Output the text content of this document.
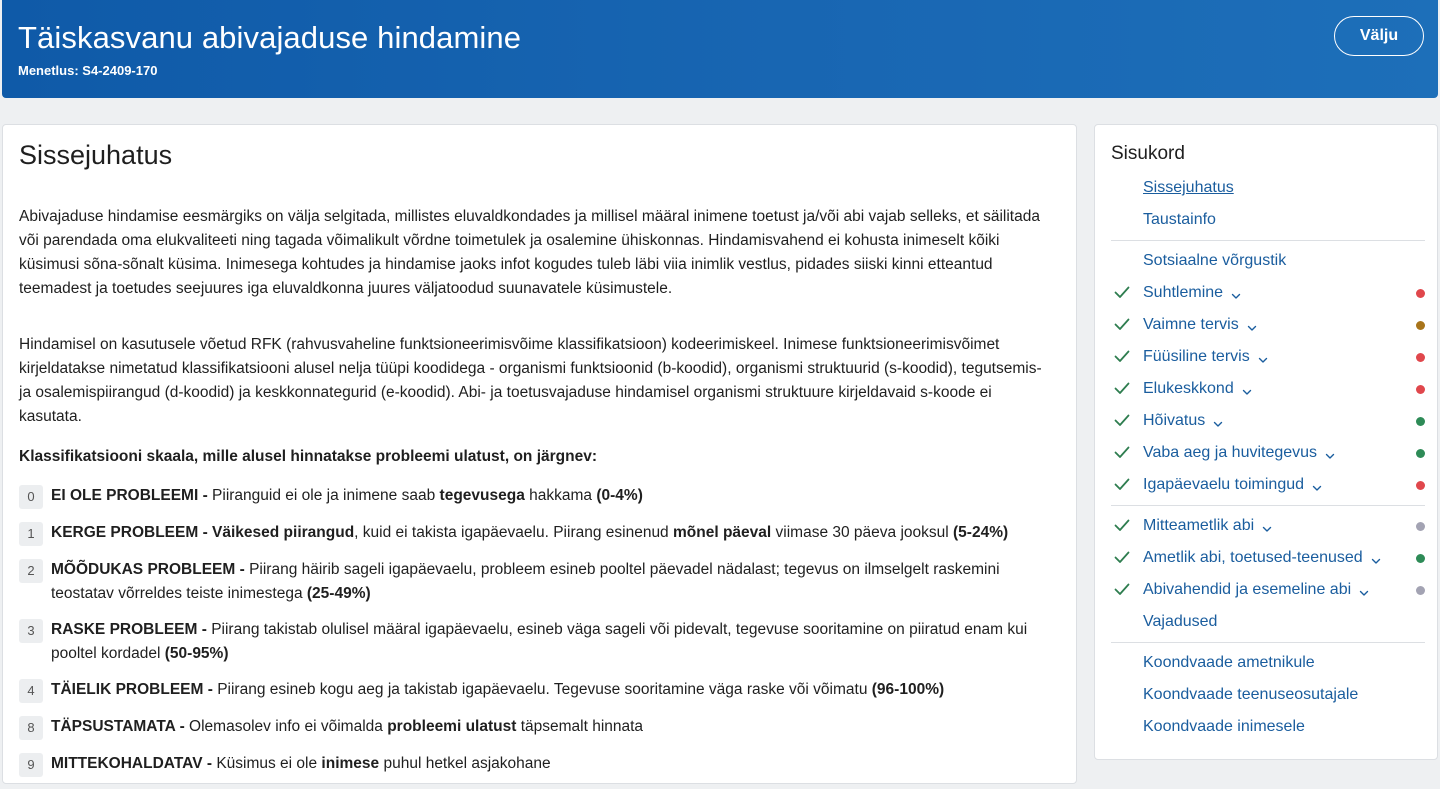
Täiskasvanu abivajaduse hindamine
Menetlus: S4-2409-170
Välju
Sissejuhatus

Abivajaduse hindamise eesmärgiks on välja selgitada, millistes eluvaldkondades ja millisel määral inimene toetust ja/või abi vajab selleks, et säilitada või parendada oma elukvaliteeti ning tagada võimalikult võrdne toimetulek ja osalemine ühiskonnas. Hindamisvahend ei kohusta inimeselt kõiki küsimusi sõna-sõnalt küsima. Inimesega kohtudes ja hindamise jaoks infot kogudes tuleb läbi viia inimlik vestlus, pidades siiski kinni etteantud teemadest ja toetudes seejuures iga eluvaldkonna juures väljatoodud suunavatele küsimustele.

Hindamisel on kasutusele võetud RFK (rahvusvaheline funktsioneerimisvõime klassifikatsioon) kodeerimiskeel. Inimese funktsioneerimisvõimet kirjeldatakse nimetatud klassifikatsiooni alusel nelja tüüpi koodidega - organismi funktsioonid (b-koodid), organismi struktuurid (s-koodid), tegutsemis- ja osalemispiirangud (d-koodid) ja keskkonnategurid (e-koodid). Abi- ja toetusvajaduse hindamisel organismi struktuure kirjeldavaid s-koode ei kasutata.

Klassifikatsiooni skaala, mille alusel hinnatakse probleemi ulatust, on järgnev:

0	EI OLE PROBLEEMI - Piiranguid ei ole ja inimene saab tegevusega hakkama (0-4%)
1	KERGE PROBLEEM - Väikesed piirangud, kuid ei takista igapäevaelu. Piirang esinenud mõnel päeval viimase 30 päeva jooksul (5-24%)
2	MÕÕDUKAS PROBLEEM - Piirang häirib sageli igapäevaelu, probleem esineb pooltel päevadel nädalast; tegevus on ilmselgelt raskemini teostatav võrreldes teiste inimestega (25-49%)
3	RASKE PROBLEEM - Piirang takistab olulisel määral igapäevaelu, esineb väga sageli või pidevalt, tegevuse sooritamine on piiratud enam kui pooltel kordadel (50-95%)
4	TÄIELIK PROBLEEM - Piirang esineb kogu aeg ja takistab igapäevaelu. Tegevuse sooritamine väga raske või võimatu (96-100%)
8	TÄPSUSTAMATA - Olemasolev info ei võimalda probleemi ulatust täpsemalt hinnata
9	MITTEKOHALDATAV - Küsimus ei ole inimese puhul hetkel asjakohane
Sisukord
Sissejuhatus
Taustainfo
Sotsiaalne võrgustik
Suhtlemine
Vaimne tervis
Füüsiline tervis
Elukeskkond
Hõivatus
Vaba aeg ja huvitegevus
Igapäevaelu toimingud
Mitteametlik abi
Ametlik abi, toetused-teenused
Abivahendid ja esemeline abi
Vajadused
Koondvaade ametnikule
Koondvaade teenuseosutajale
Koondvaade inimesele
